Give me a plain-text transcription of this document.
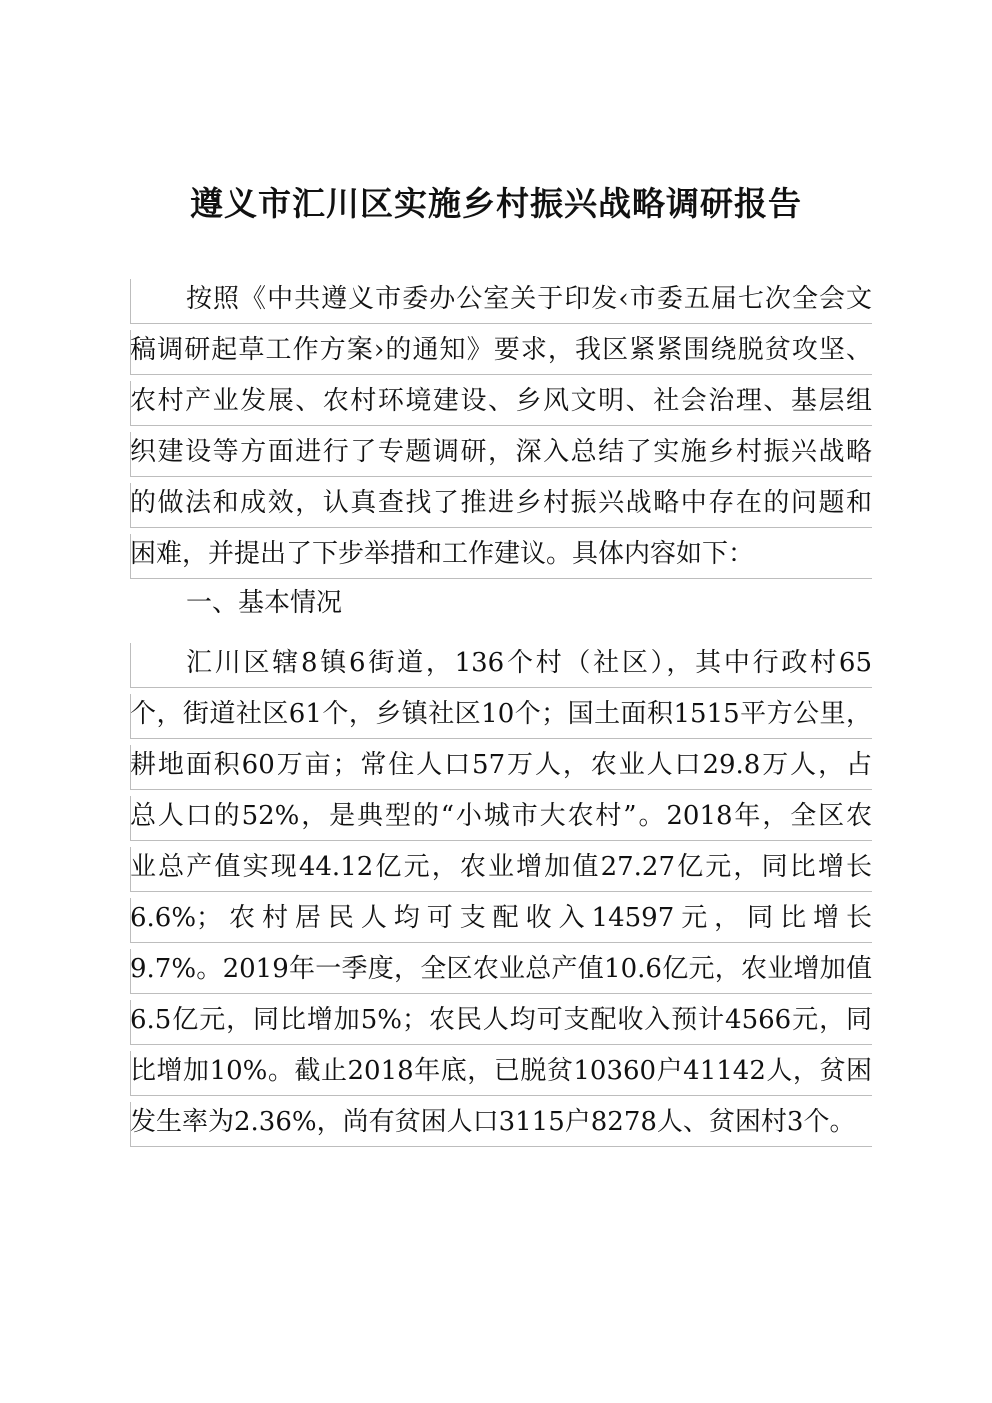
遵义市汇川区实施乡村振兴战略调研报告
按照《中共遵义市委办公室关于印发‹市委五届七次全会文
稿调研起草工作方案›的通知》要求，我区紧紧围绕脱贫攻坚、
农村产业发展、农村环境建设、乡风文明、社会治理、基层组
织建设等方面进行了专题调研，深入总结了实施乡村振兴战略
的做法和成效，认真查找了推进乡村振兴战略中存在的问题和
困难，并提出了下步举措和工作建议。具体内容如下：
一、基本情况
汇川区辖8镇6街道，136个村（社区），其中行政村65
个，街道社区61个，乡镇社区10个；国土面积1515平方公里，
耕地面积60万亩；常住人口57万人，农业人口29.8万人，占
总人口的52%，是典型的“小城市大农村”。2018年，全区农
业总产值实现44.12亿元，农业增加值27.27亿元，同比增长
6.6%；农村居民人均可支配收入14597元，同比增长
9.7%。2019年一季度，全区农业总产值10.6亿元，农业增加值
6.5亿元，同比增加5%；农民人均可支配收入预计4566元，同
比增加10%。截止2018年底，已脱贫10360户41142人，贫困
发生率为2.36%，尚有贫困人口3115户8278人、贫困村3个。
